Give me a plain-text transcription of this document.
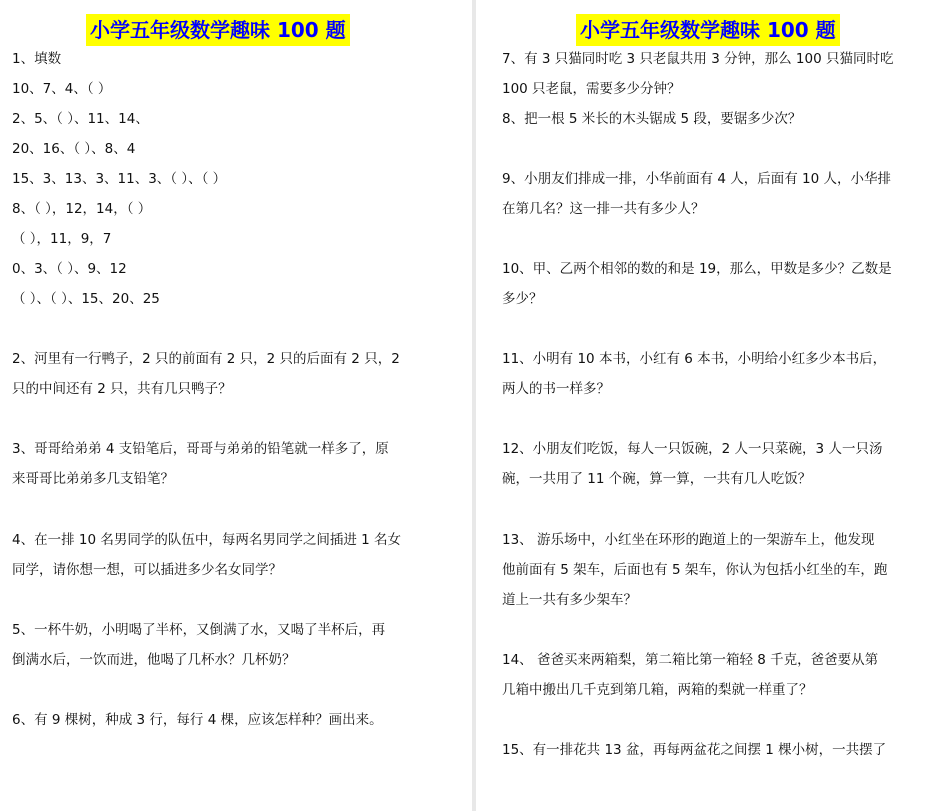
小学五年级数学趣味 100 题
1、填数
10、7、4、（ ）
2、5、（ ）、11、14、
20、16、（ ）、8、4
15、3、13、3、11、3、（ ）、（ ）
8、（ ），12，14，（ ）
（ ），11，9，7
0、3、（ ）、9、12
（ ）、（ ）、15、20、25
2、河里有一行鸭子，2 只的前面有 2 只，2 只的后面有 2 只，2
只的中间还有 2 只，共有几只鸭子？
3、哥哥给弟弟 4 支铅笔后，哥哥与弟弟的铅笔就一样多了，原
来哥哥比弟弟多几支铅笔？
4、在一排 10 名男同学的队伍中，每两名男同学之间插进 1 名女
同学，请你想一想，可以插进多少名女同学？
5、一杯牛奶，小明喝了半杯，又倒满了水，又喝了半杯后，再
倒满水后，一饮而进，他喝了几杯水？几杯奶？
6、有 9 棵树，种成 3 行，每行 4 棵，应该怎样种？画出来。
小学五年级数学趣味 100 题
7、有 3 只猫同时吃 3 只老鼠共用 3 分钟，那么 100 只猫同时吃
100 只老鼠，需要多少分钟？
8、把一根 5 米长的木头锯成 5 段，要锯多少次？
9、小朋友们排成一排，小华前面有 4 人，后面有 10 人，小华排
在第几名？这一排一共有多少人？
10、甲、乙两个相邻的数的和是 19，那么，甲数是多少？乙数是
多少？
11、小明有 10 本书，小红有 6 本书，小明给小红多少本书后，
两人的书一样多？
12、小朋友们吃饭，每人一只饭碗，2 人一只菜碗，3 人一只汤
碗，一共用了 11 个碗，算一算，一共有几人吃饭？
13、 游乐场中，小红坐在环形的跑道上的一架游车上，他发现
他前面有 5 架车，后面也有 5 架车，你认为包括小红坐的车，跑
道上一共有多少架车？
14、 爸爸买来两箱梨，第二箱比第一箱轻 8 千克，爸爸要从第
几箱中搬出几千克到第几箱，两箱的梨就一样重了？
15、有一排花共 13 盆，再每两盆花之间摆 1 棵小树，一共摆了
